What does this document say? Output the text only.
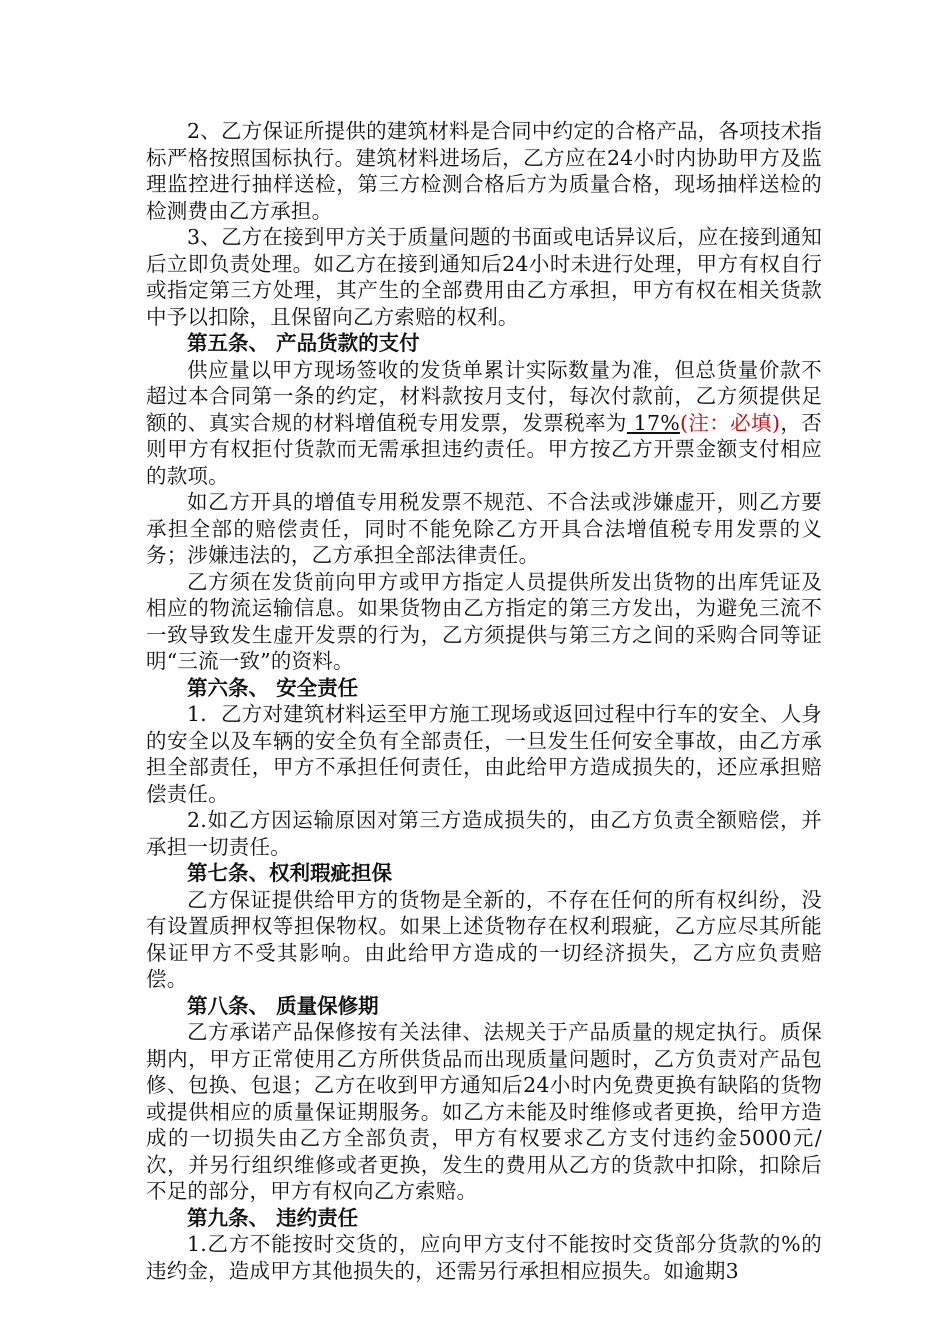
2、乙方保证所提供的建筑材料是合同中约定的合格产品，各项技术指标严格按照国标执行。建筑材料进场后，乙方应在24小时内协助甲方及监理监控进行抽样送检，第三方检测合格后方为质量合格，现场抽样送检的检测费由乙方承担。

3、乙方在接到甲方关于质量问题的书面或电话异议后，应在接到通知后立即负责处理。如乙方在接到通知后24小时未进行处理，甲方有权自行或指定第三方处理，其产生的全部费用由乙方承担，甲方有权在相关货款中予以扣除，且保留向乙方索赔的权利。

第五条、 产品货款的支付

供应量以甲方现场签收的发货单累计实际数量为准，但总货量价款不超过本合同第一条的约定，材料款按月支付，每次付款前，乙方须提供足额的、真实合规的材料增值税专用发票，发票税率为 17%(注：必填)，否则甲方有权拒付货款而无需承担违约责任。甲方按乙方开票金额支付相应的款项。

如乙方开具的增值专用税发票不规范、不合法或涉嫌虚开，则乙方要承担全部的赔偿责任，同时不能免除乙方开具合法增值税专用发票的义务；涉嫌违法的，乙方承担全部法律责任。

乙方须在发货前向甲方或甲方指定人员提供所发出货物的出库凭证及相应的物流运输信息。如果货物由乙方指定的第三方发出，为避免三流不一致导致发生虚开发票的行为，乙方须提供与第三方之间的采购合同等证明“三流一致”的资料。

第六条、 安全责任

1．乙方对建筑材料运至甲方施工现场或返回过程中行车的安全、人身的安全以及车辆的安全负有全部责任，一旦发生任何安全事故，由乙方承担全部责任，甲方不承担任何责任，由此给甲方造成损失的，还应承担赔偿责任。

2.如乙方因运输原因对第三方造成损失的，由乙方负责全额赔偿，并承担一切责任。

第七条、权利瑕疵担保

乙方保证提供给甲方的货物是全新的，不存在任何的所有权纠纷，没有设置质押权等担保物权。如果上述货物存在权利瑕疵，乙方应尽其所能保证甲方不受其影响。由此给甲方造成的一切经济损失，乙方应负责赔偿。

第八条、 质量保修期

乙方承诺产品保修按有关法律、法规关于产品质量的规定执行。质保期内，甲方正常使用乙方所供货品而出现质量问题时，乙方负责对产品包修、包换、包退；乙方在收到甲方通知后24小时内免费更换有缺陷的货物或提供相应的质量保证期服务。如乙方未能及时维修或者更换，给甲方造成的一切损失由乙方全部负责，甲方有权要求乙方支付违约金5000元/次，并另行组织维修或者更换，发生的费用从乙方的货款中扣除，扣除后不足的部分，甲方有权向乙方索赔。

第九条、 违约责任

1.乙方不能按时交货的，应向甲方支付不能按时交货部分货款的%的违约金，造成甲方其他损失的，还需另行承担相应损失。如逾期3
